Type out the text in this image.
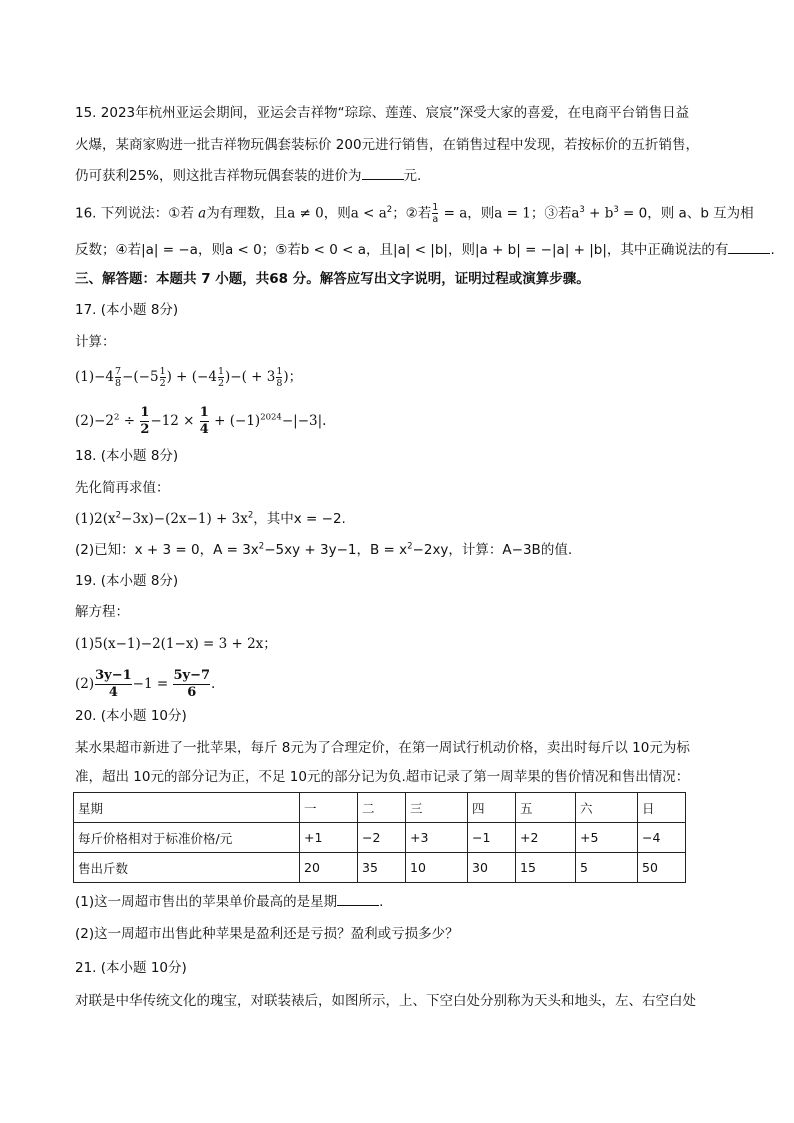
15. 2023年杭州亚运会期间，亚运会吉祥物“琮琮、莲莲、宸宸”深受大家的喜爱，在电商平台销售日益
火爆，某商家购进一批吉祥物玩偶套装标价 200元进行销售，在销售过程中发现，若按标价的五折销售，
仍可获利25%，则这批吉祥物玩偶套装的进价为	元.
16. 下列说法：①若 a为有理数，且a ≠ 0，则$a < a^2$；②若 $\frac{1}{a} = a$，则a = 1；③若$a^3 + b^3 = 0$，则 a、b 互为相
反数；④若|a| = −a，则a < 0；⑤若b < 0 < a，且|a| < |b|，则|a + b| = −|a| + |b|，其中正确说法的有	.
三、解答题：本题共 7 小题，共68 分。解答应写出文字说明，证明过程或演算步骤。
17. (本小题 8分)
计算：
$(1)-4 \frac{7}{8} -(-5 \frac{1}{2}$ ) + ($-4 \frac{1}{2}$ )−( + $3 \frac{1}{8}$ )；
$(2)-2^2 \div \frac{1}{2} -12 \times \frac{1}{4} + (-1)^{2024}-|-3|$.
18. (本小题 8分)
先化简再求值：
$(1)2(x^2-3x)-(2x-1) + 3x^2$，其中x = −2.
(2)已知：x + 3 = 0，$A = 3x^2-5xy + 3y-1$，$B = x^2-2xy$，计算：A−3B的值.
19. (本小题 8分)
解方程：
(1)5(x−1)−2(1−x) = 3 + 2x；
$(2) \frac{3y-1}{4} -1 = \frac{5y-7}{6}$ .
20. (本小题 10分)
某水果超市新进了一批苹果，每斤 8元为了合理定价，在第一周试行机动价格，卖出时每斤以 10元为标
准，超出 10元的部分记为正，不足 10元的部分记为负.超市记录了第一周苹果的售价情况和售出情况：
星期	一	二	三	四	五	六	日
每斤价格相对于标准价格/元	+1	−2	+3	−1	+2	+5	−4
售出斤数	20	35	10	30	15	5	50
(1)这一周超市售出的苹果单价最高的是星期	.
(2)这一周超市出售此种苹果是盈利还是亏损？盈利或亏损多少？
21. (本小题 10分)
对联是中华传统文化的瑰宝，对联装裱后，如图所示，上、下空白处分别称为天头和地头，左、右空白处
